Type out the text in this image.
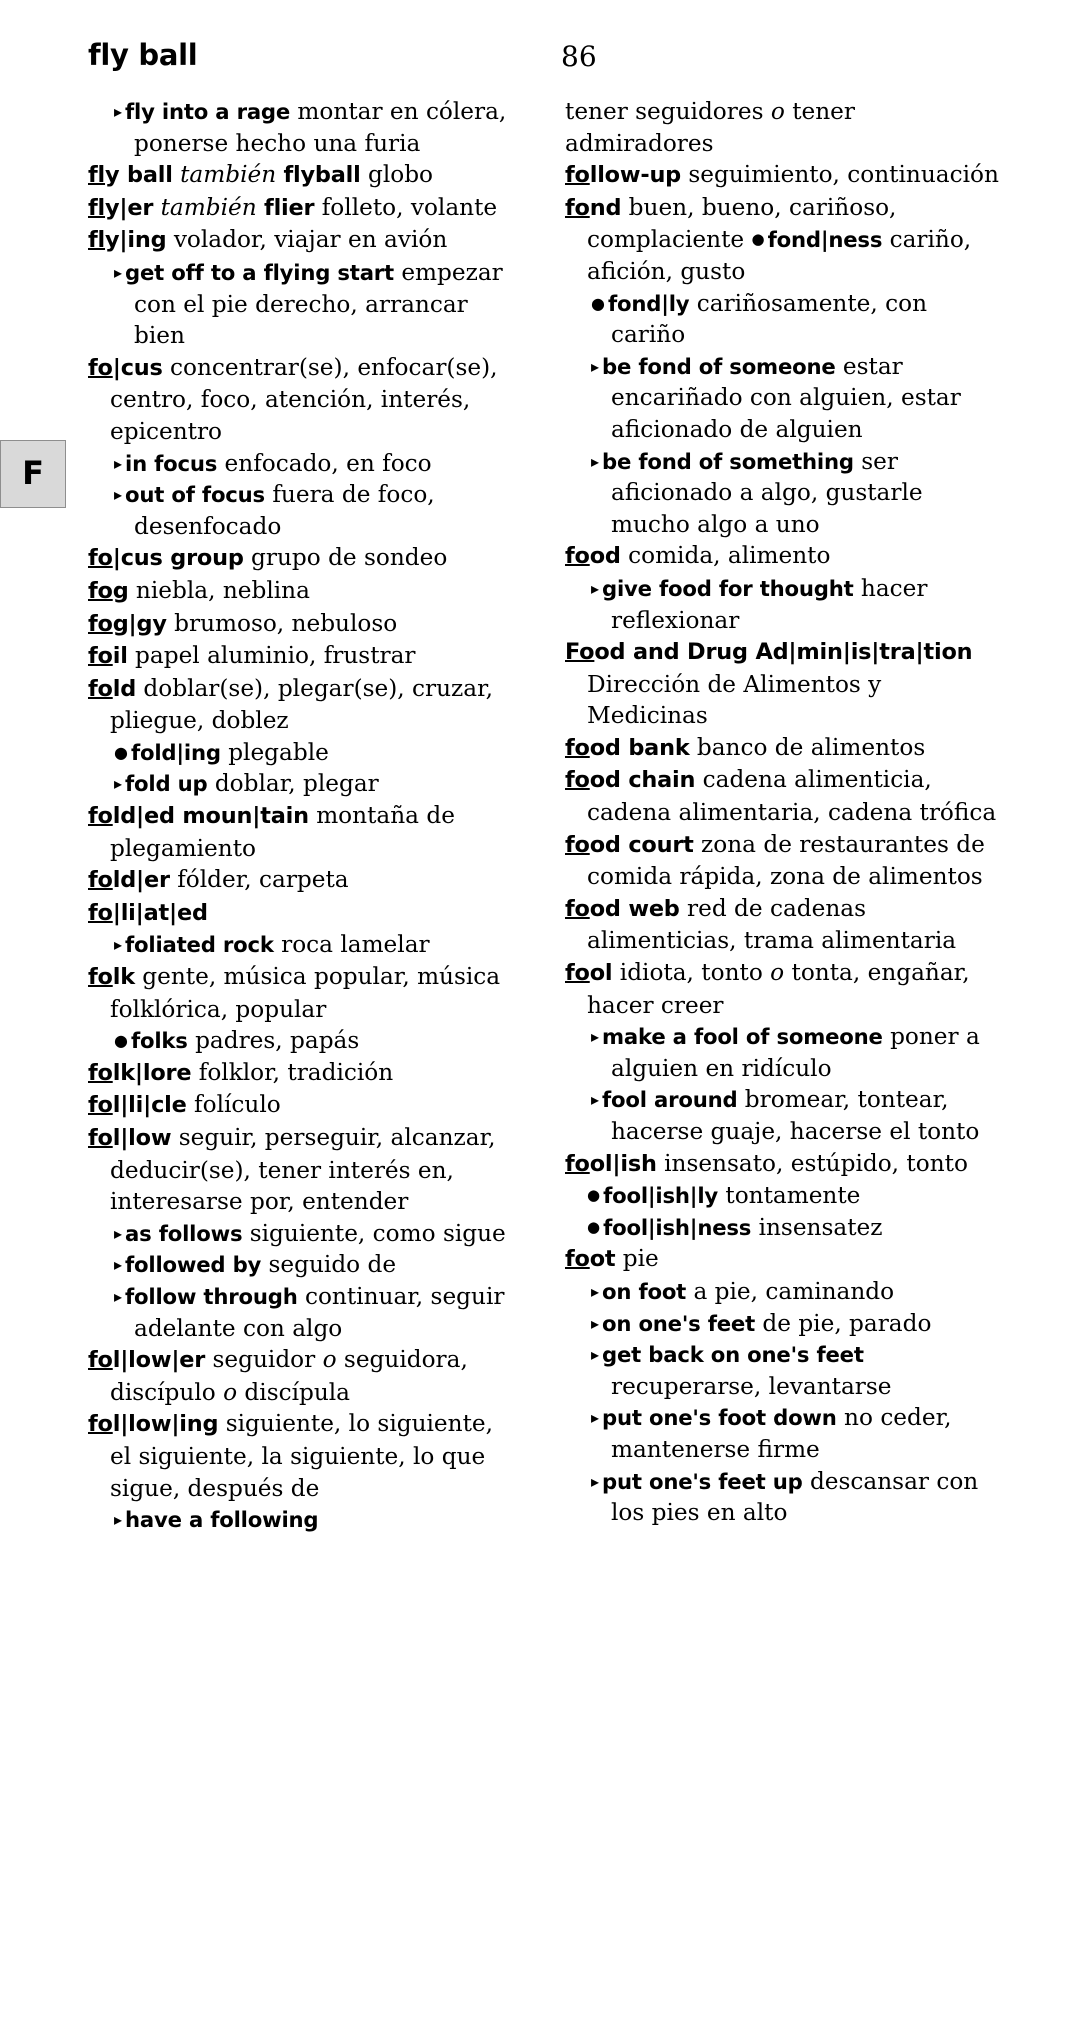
fly ball	86
F

▸ fly into a rage montar en cólera, ponerse hecho una furia

fly ball también flyball globo

fly|er también flier folleto, volante

fly|ing volador, viajar en avión

▸ get off to a flying start empezar con el pie derecho, arrancar bien

fo|cus concentrar(se), enfocar(se), centro, foco, atención, interés, epicentro

▸ in focus enfocado, en foco

▸ out of focus fuera de foco, desenfocado

fo|cus group grupo de sondeo

fog niebla, neblina

fog|gy brumoso, nebuloso

foil papel aluminio, frustrar

fold doblar(se), plegar(se), cruzar, pliegue, doblez

● fold|ing plegable

▸ fold up doblar, plegar

fold|ed moun|tain montaña de plegamiento

fold|er fólder, carpeta

fo|li|at|ed

▸ foliated rock roca lamelar

folk gente, música popular, música folklórica, popular

● folks padres, papás

folk|lore folklor, tradición

fol|li|cle folículo

fol|low seguir, perseguir, alcanzar, deducir(se), tener interés en, interesarse por, entender

▸ as follows siguiente, como sigue

▸ followed by seguido de

▸ follow through continuar, seguir adelante con algo

fol|low|er seguidor o seguidora, discípulo o discípula

fol|low|ing siguiente, lo siguiente, el siguiente, la siguiente, lo que sigue, después de

▸ have a following

tener seguidores o tener admiradores

follow-up seguimiento, continuación

fond buen, bueno, cariñoso, complaciente ● fond|ness cariño, afición, gusto

● fond|ly cariñosamente, con cariño

▸ be fond of someone estar encariñado con alguien, estar aficionado de alguien

▸ be fond of something ser aficionado a algo, gustarle mucho algo a uno

food comida, alimento

▸ give food for thought hacer reflexionar

Food and Drug Ad|min|is|tra|tion Dirección de Alimentos y Medicinas

food bank banco de alimentos

food chain cadena alimenticia, cadena alimentaria, cadena trófica

food court zona de restaurantes de comida rápida, zona de alimentos

food web red de cadenas alimenticias, trama alimentaria

fool idiota, tonto o tonta, engañar, hacer creer

▸ make a fool of someone poner a alguien en ridículo

▸ fool around bromear, tontear, hacerse guaje, hacerse el tonto

fool|ish insensato, estúpido, tonto ● fool|ish|ly tontamente ● fool|ish|ness insensatez

foot pie

▸ on foot a pie, caminando

▸ on one's feet de pie, parado

▸ get back on one's feet recuperarse, levantarse

▸ put one's foot down no ceder, mantenerse firme

▸ put one's feet up descansar con los pies en alto
